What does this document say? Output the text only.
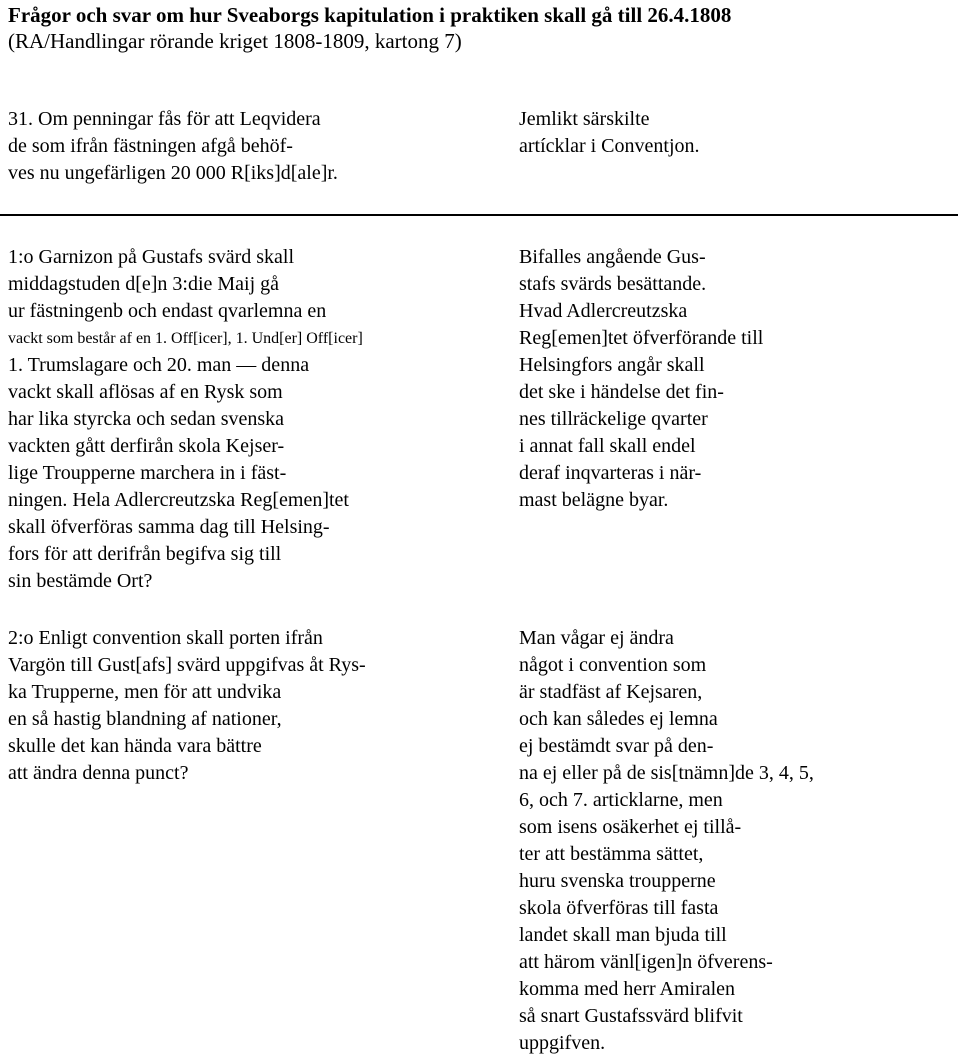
Frågor och svar om hur Sveaborgs kapitulation i praktiken skall gå till 26.4.1808
(RA/Handlingar rörande kriget 1808-1809, kartong 7)
31. Om penningar fås för att Leqvidera
de som ifrån fästningen afgå behöf-
ves nu ungefärligen 20 000 R[iks]d[ale]r.
Jemlikt särskilte
artícklar i Conventjon.
1:o Garnizon på Gustafs svärd skall
middagstuden d[e]n 3:die Maij gå
ur fästningenb och endast qvarlemna en
vackt som består af en 1. Off[icer], 1. Und[er] Off[icer]
1. Trumslagare och 20. man — denna
vackt skall aflösas af en Rysk som
har lika styrcka och sedan svenska
vackten gått derfirån skola Kejser-
lige Troupperne marchera in i fäst-
ningen. Hela Adlercreutzska Reg[emen]tet
skall öfverföras samma dag till Helsing-
fors för att derifrån begifva sig till
sin bestämde Ort?
Bifalles angående Gus-
stafs svärds besättande.
Hvad Adlercreutzska
Reg[emen]tet öfverförande till
Helsingfors angår skall
det ske i händelse det fin-
nes tillräckelige qvarter
i annat fall skall endel
deraf inqvarteras i när-
mast belägne byar.
2:o Enligt convention skall porten ifrån
Vargön till Gust[afs] svärd uppgifvas åt Rys-
ka Trupperne, men för att undvika
en så hastig blandning af nationer,
skulle det kan hända vara bättre
att ändra denna punct?
Man vågar ej ändra
något i convention som
är stadfäst af Kejsaren,
och kan således ej lemna
ej bestämdt svar på den-
na ej eller på de sis[tnämn]de 3, 4, 5,
6, och 7. articklarne, men
som isens osäkerhet ej tillå-
ter att bestämma sättet,
huru svenska troupperne
skola öfverföras till fasta
landet skall man bjuda till
att härom vänl[igen]n öfverens-
komma med herr Amiralen
så snart Gustafssvärd blifvit
uppgifven.
